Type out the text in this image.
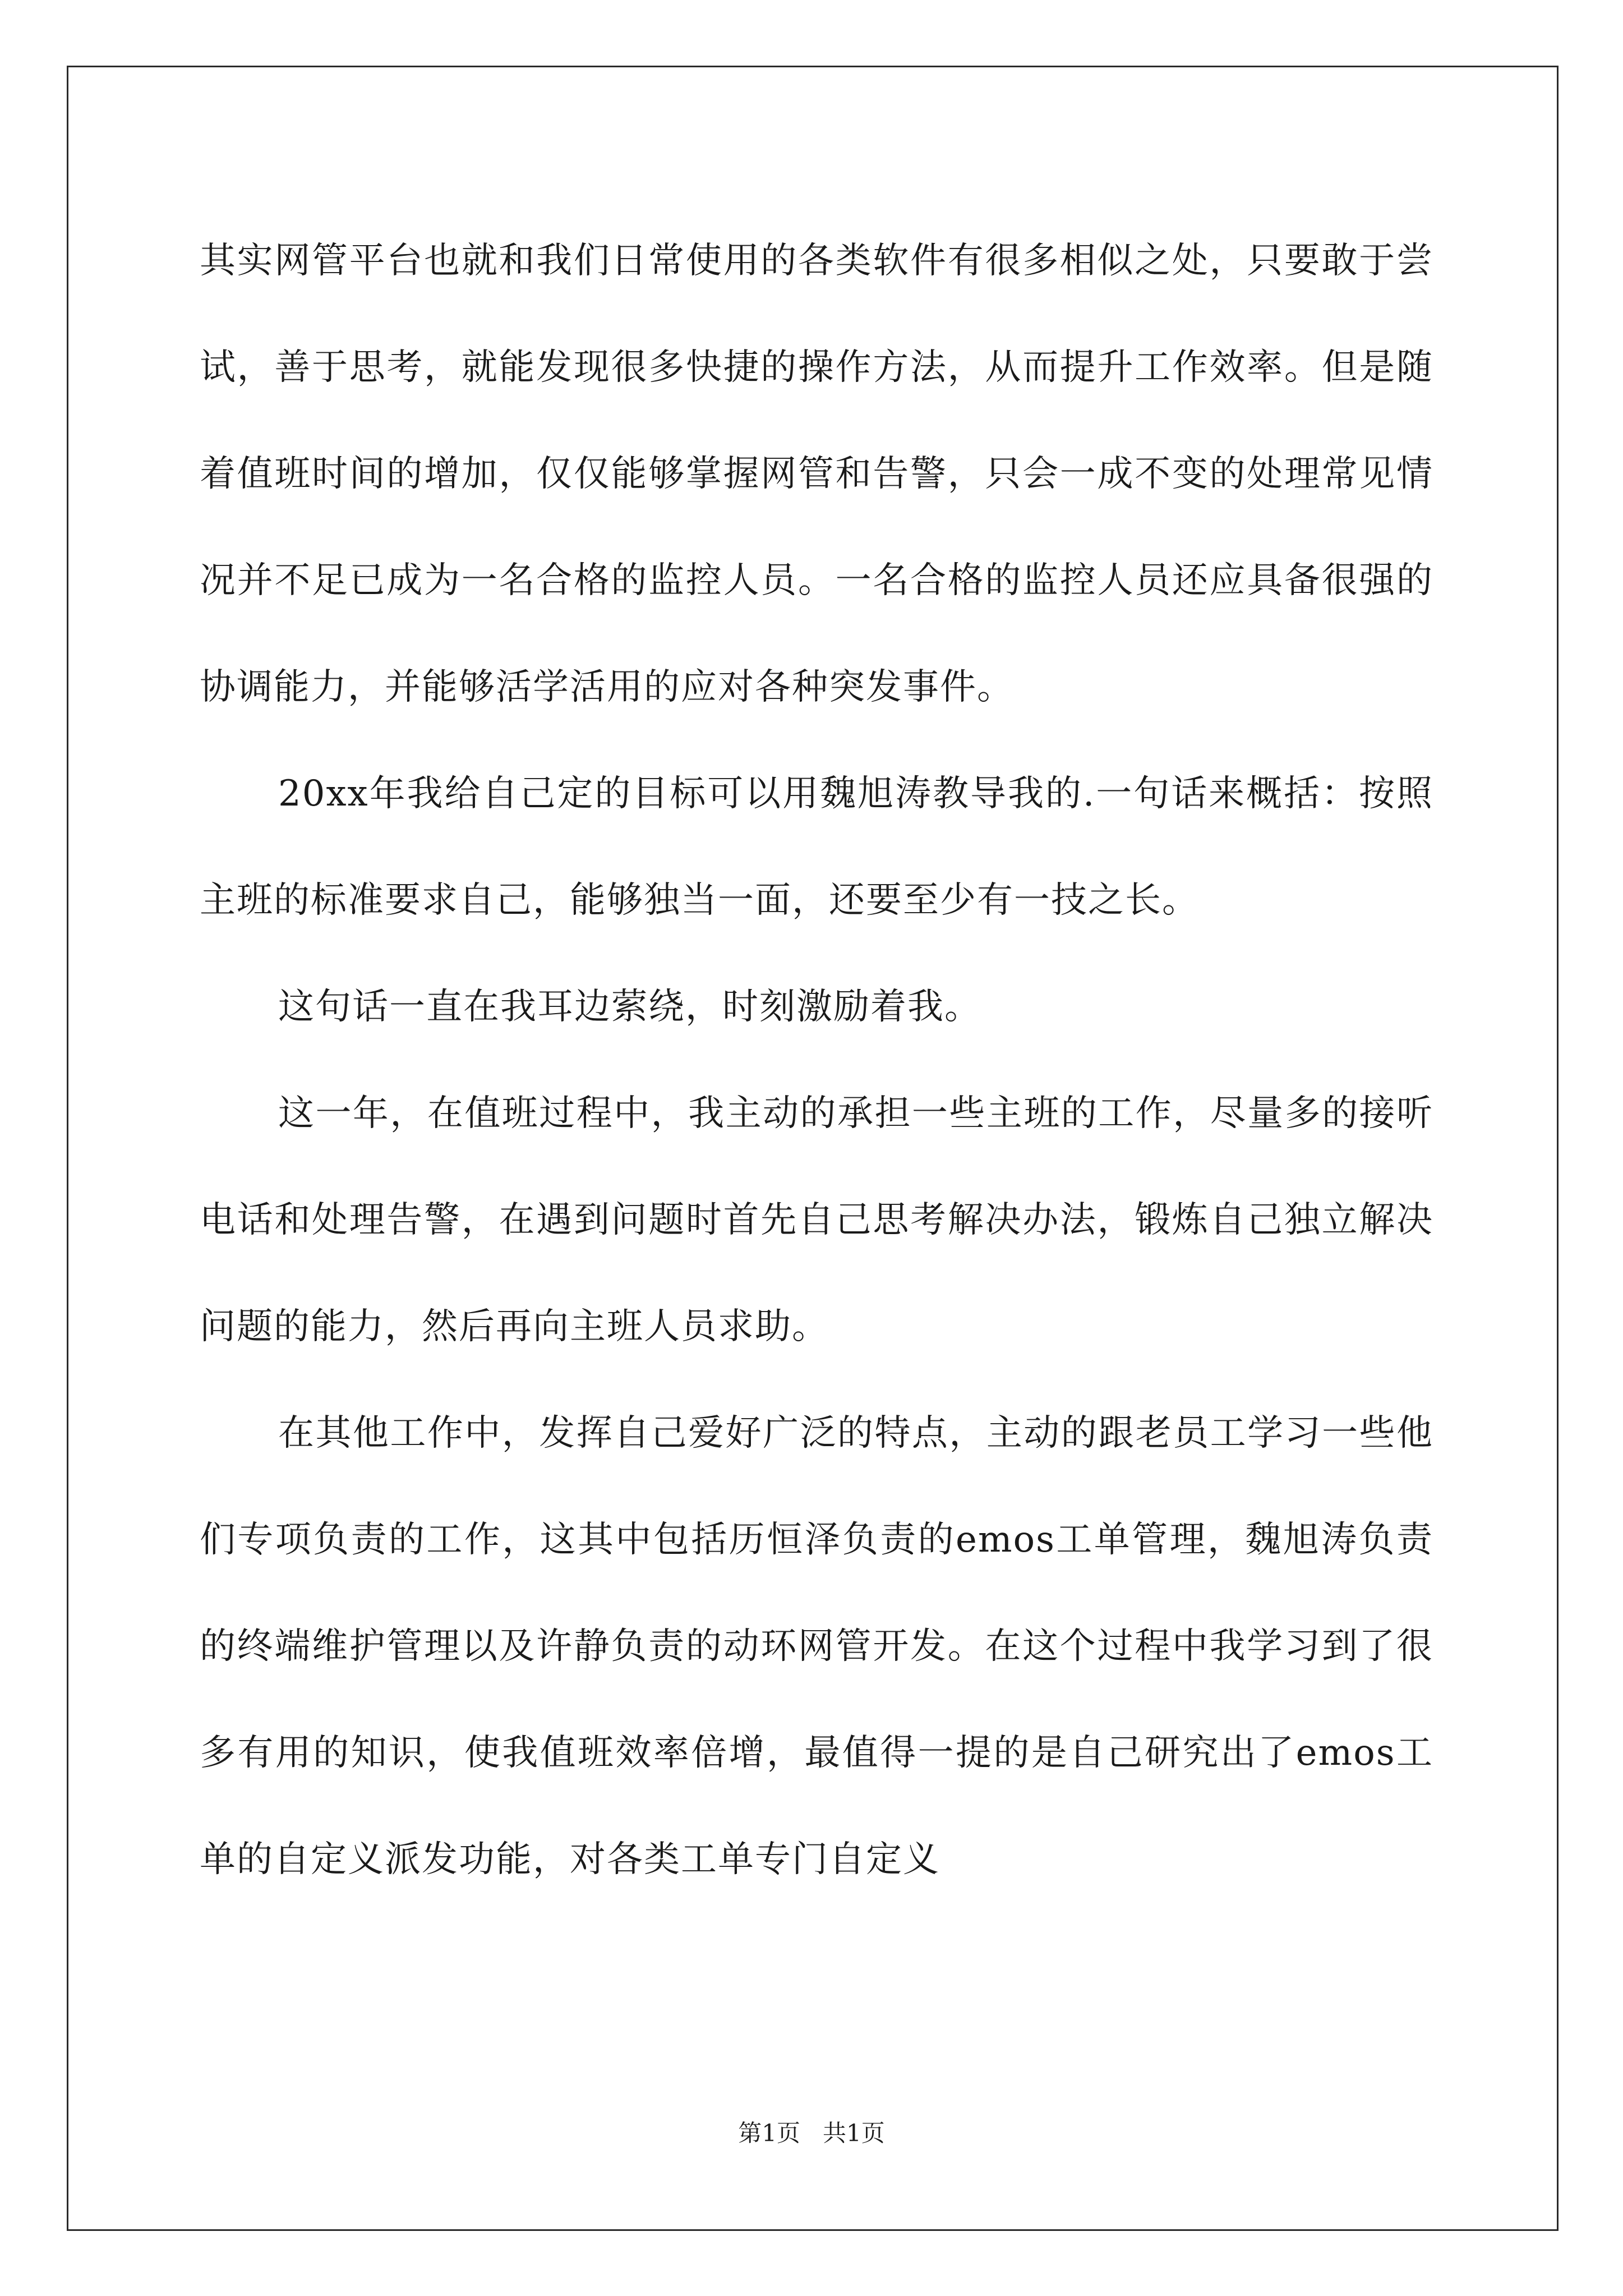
其实网管平台也就和我们日常使用的各类软件有很多相似之处，只要敢于尝试，善于思考，就能发现很多快捷的操作方法，从而提升工作效率。但是随着值班时间的增加，仅仅能够掌握网管和告警，只会一成不变的处理常见情况并不足已成为一名合格的监控人员。一名合格的监控人员还应具备很强的协调能力，并能够活学活用的应对各种突发事件。

20xx年我给自己定的目标可以用魏旭涛教导我的.一句话来概括：按照主班的标准要求自己，能够独当一面，还要至少有一技之长。

这句话一直在我耳边萦绕，时刻激励着我。

这一年，在值班过程中，我主动的承担一些主班的工作，尽量多的接听电话和处理告警，在遇到问题时首先自己思考解决办法，锻炼自己独立解决问题的能力，然后再向主班人员求助。

在其他工作中，发挥自己爱好广泛的特点，主动的跟老员工学习一些他们专项负责的工作，这其中包括历恒泽负责的emos工单管理，魏旭涛负责的终端维护管理以及许静负责的动环网管开发。在这个过程中我学习到了很多有用的知识，使我值班效率倍增，最值得一提的是自己研究出了emos工单的自定义派发功能，对各类工单专门自定义

第1页   共1页
